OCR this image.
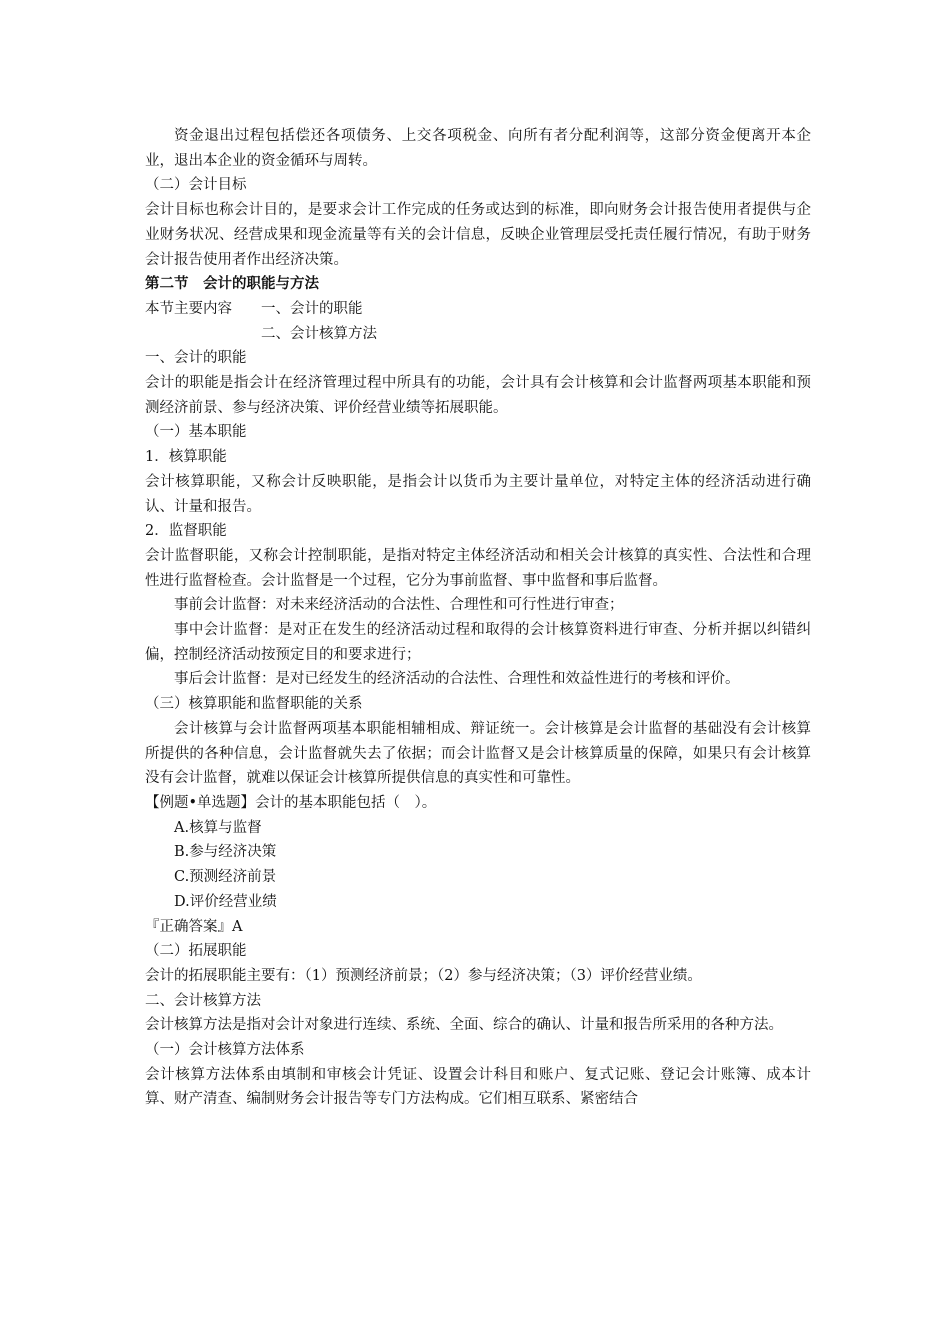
资金退出过程包括偿还各项债务、上交各项税金、向所有者分配利润等，这部分资金便离开本企业，退出本企业的资金循环与周转。

（二）会计目标

会计目标也称会计目的，是要求会计工作完成的任务或达到的标准，即向财务会计报告使用者提供与企业财务状况、经营成果和现金流量等有关的会计信息，反映企业管理层受托责任履行情况，有助于财务会计报告使用者作出经济决策。

第二节　会计的职能与方法

本节主要内容	一、会计的职能

二、会计核算方法

一、会计的职能

会计的职能是指会计在经济管理过程中所具有的功能，会计具有会计核算和会计监督两项基本职能和预测经济前景、参与经济决策、评价经营业绩等拓展职能。

（一）基本职能

1．核算职能

会计核算职能，又称会计反映职能，是指会计以货币为主要计量单位，对特定主体的经济活动进行确认、计量和报告。

2．监督职能

会计监督职能，又称会计控制职能，是指对特定主体经济活动和相关会计核算的真实性、合法性和合理性进行监督检查。会计监督是一个过程，它分为事前监督、事中监督和事后监督。

事前会计监督：对未来经济活动的合法性、合理性和可行性进行审查；

事中会计监督：是对正在发生的经济活动过程和取得的会计核算资料进行审查、分析并据以纠错纠偏，控制经济活动按预定目的和要求进行；

事后会计监督：是对已经发生的经济活动的合法性、合理性和效益性进行的考核和评价。

（三）核算职能和监督职能的关系

会计核算与会计监督两项基本职能相辅相成、辩证统一。会计核算是会计监督的基础没有会计核算所提供的各种信息，会计监督就失去了依据；而会计监督又是会计核算质量的保障，如果只有会计核算没有会计监督，就难以保证会计核算所提供信息的真实性和可靠性。

【例题•单选题】会计的基本职能包括（　）。

A.核算与监督

B.参与经济决策

C.预测经济前景

D.评价经营业绩

『正确答案』A

（二）拓展职能

会计的拓展职能主要有：（1）预测经济前景；（2）参与经济决策；（3）评价经营业绩。

二、会计核算方法

会计核算方法是指对会计对象进行连续、系统、全面、综合的确认、计量和报告所采用的各种方法。

（一）会计核算方法体系

会计核算方法体系由填制和审核会计凭证、设置会计科目和账户、复式记账、登记会计账簿、成本计算、财产清查、编制财务会计报告等专门方法构成。它们相互联系、紧密结合
